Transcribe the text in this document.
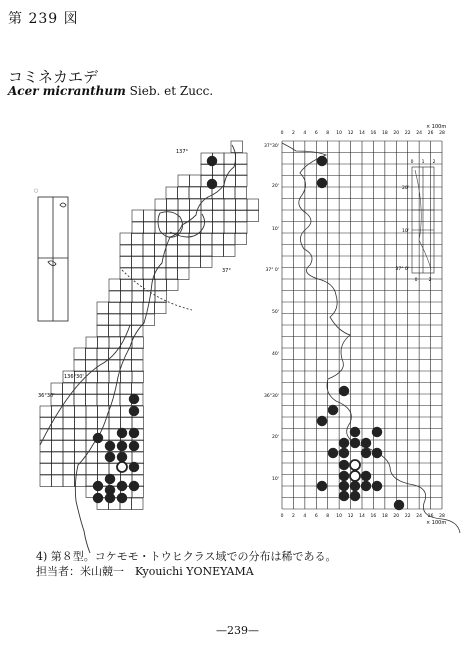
第 239 図
コミネカエデ
Acer micranthum Sieb. et Zucc.
○
137°
37°
136°30'
36°30'
0 2 4 6 8 10 12 14 16 18 20 22 24 26 28
0 2 4 6 8 10 12 14 16 18 20 22 24 26 28
37°30'
20'
10'
37° 0'
50'
40'
36°30'
20'
10'
× 100m
× 100m
0 1 2
20'
10'
37° 0'
0 2
4) 第８型。コケモモ・トウヒクラス域での分布は稀である。
担当者：米山競一　Kyouichi YONEYAMA
—239—
